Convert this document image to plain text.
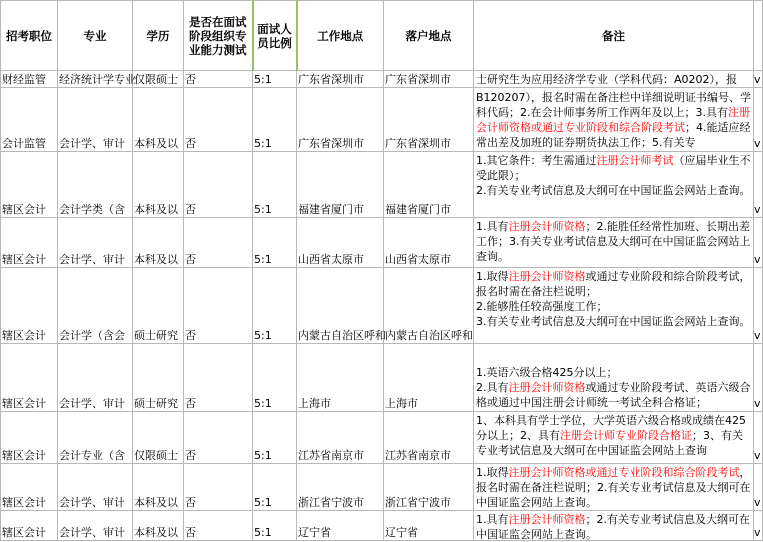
招考职位	专业	学历	是否在面试阶段组织专业能力测试	面试人员比例	工作地点	落户地点	备注	
财经监管	经济统计学专业	仅限硕士	否	5:1	广东省深圳市	广东省深圳市	士研究生为应用经济学专业（学科代码：A0202），报	v
会计监管	会计学、审计	本科及以	否	5:1	广东省深圳市	广东省深圳市	B120207），报名时需在备注栏中详细说明证书编号、学科代码；2.在会计师事务所工作两年及以上；3.具有注册会计师资格或通过专业阶段和综合阶段考试；4.能适应经常出差及加班的证券期货执法工作；5.有关专	v
辖区会计	会计学类（含	本科及以	否	5:1	福建省厦门市	福建省厦门市	1.其它条件：考生需通过注册会计师考试（应届毕业生不受此限）；
2.有关专业考试信息及大纲可在中国证监会网站上查询。	v
辖区会计	会计学、审计	本科及以	否	5:1	山西省太原市	山西省太原市	1.具有注册会计师资格；2.能胜任经常性加班、长期出差工作；3.有关专业考试信息及大纲可在中国证监会网站上查询。	v
辖区会计	会计学（含会	硕士研究	否	5:1	内蒙古自治区呼和	内蒙古自治区呼和	1.取得注册会计师资格或通过专业阶段和综合阶段考试，报名时需在备注栏说明；
2.能够胜任较高强度工作；
3.有关专业考试信息及大纲可在中国证监会网站上查询。	v
辖区会计	会计学、审计	硕士研究	否	5:1	上海市	上海市	1.英语六级合格425分以上；
2.具有注册会计师资格或通过专业阶段考试、英语六级合格或通过中国注册会计师统一考试全科合格证；	v
辖区会计	会计专业（含	仅限硕士	否	5:1	江苏省南京市	江苏省南京市	1、本科具有学士学位，大学英语六级合格或成绩在425分以上；2、具有注册会计师专业阶段合格证；3、有关专业考试信息及大纲可在中国证监会网站上查询	v
辖区会计	会计学、审计	本科及以	否	5:1	浙江省宁波市	浙江省宁波市	1.取得注册会计师资格或通过专业阶段和综合阶段考试，报名时需在备注栏说明；2.有关专业考试信息及大纲可在中国证监会网站上查询。	v
辖区会计	会计学、审计	本科及以	否	5:1	辽宁省	辽宁省	1.具有注册会计师资格；2.有关专业考试信息及大纲可在中国证监会网站上查询。	v
